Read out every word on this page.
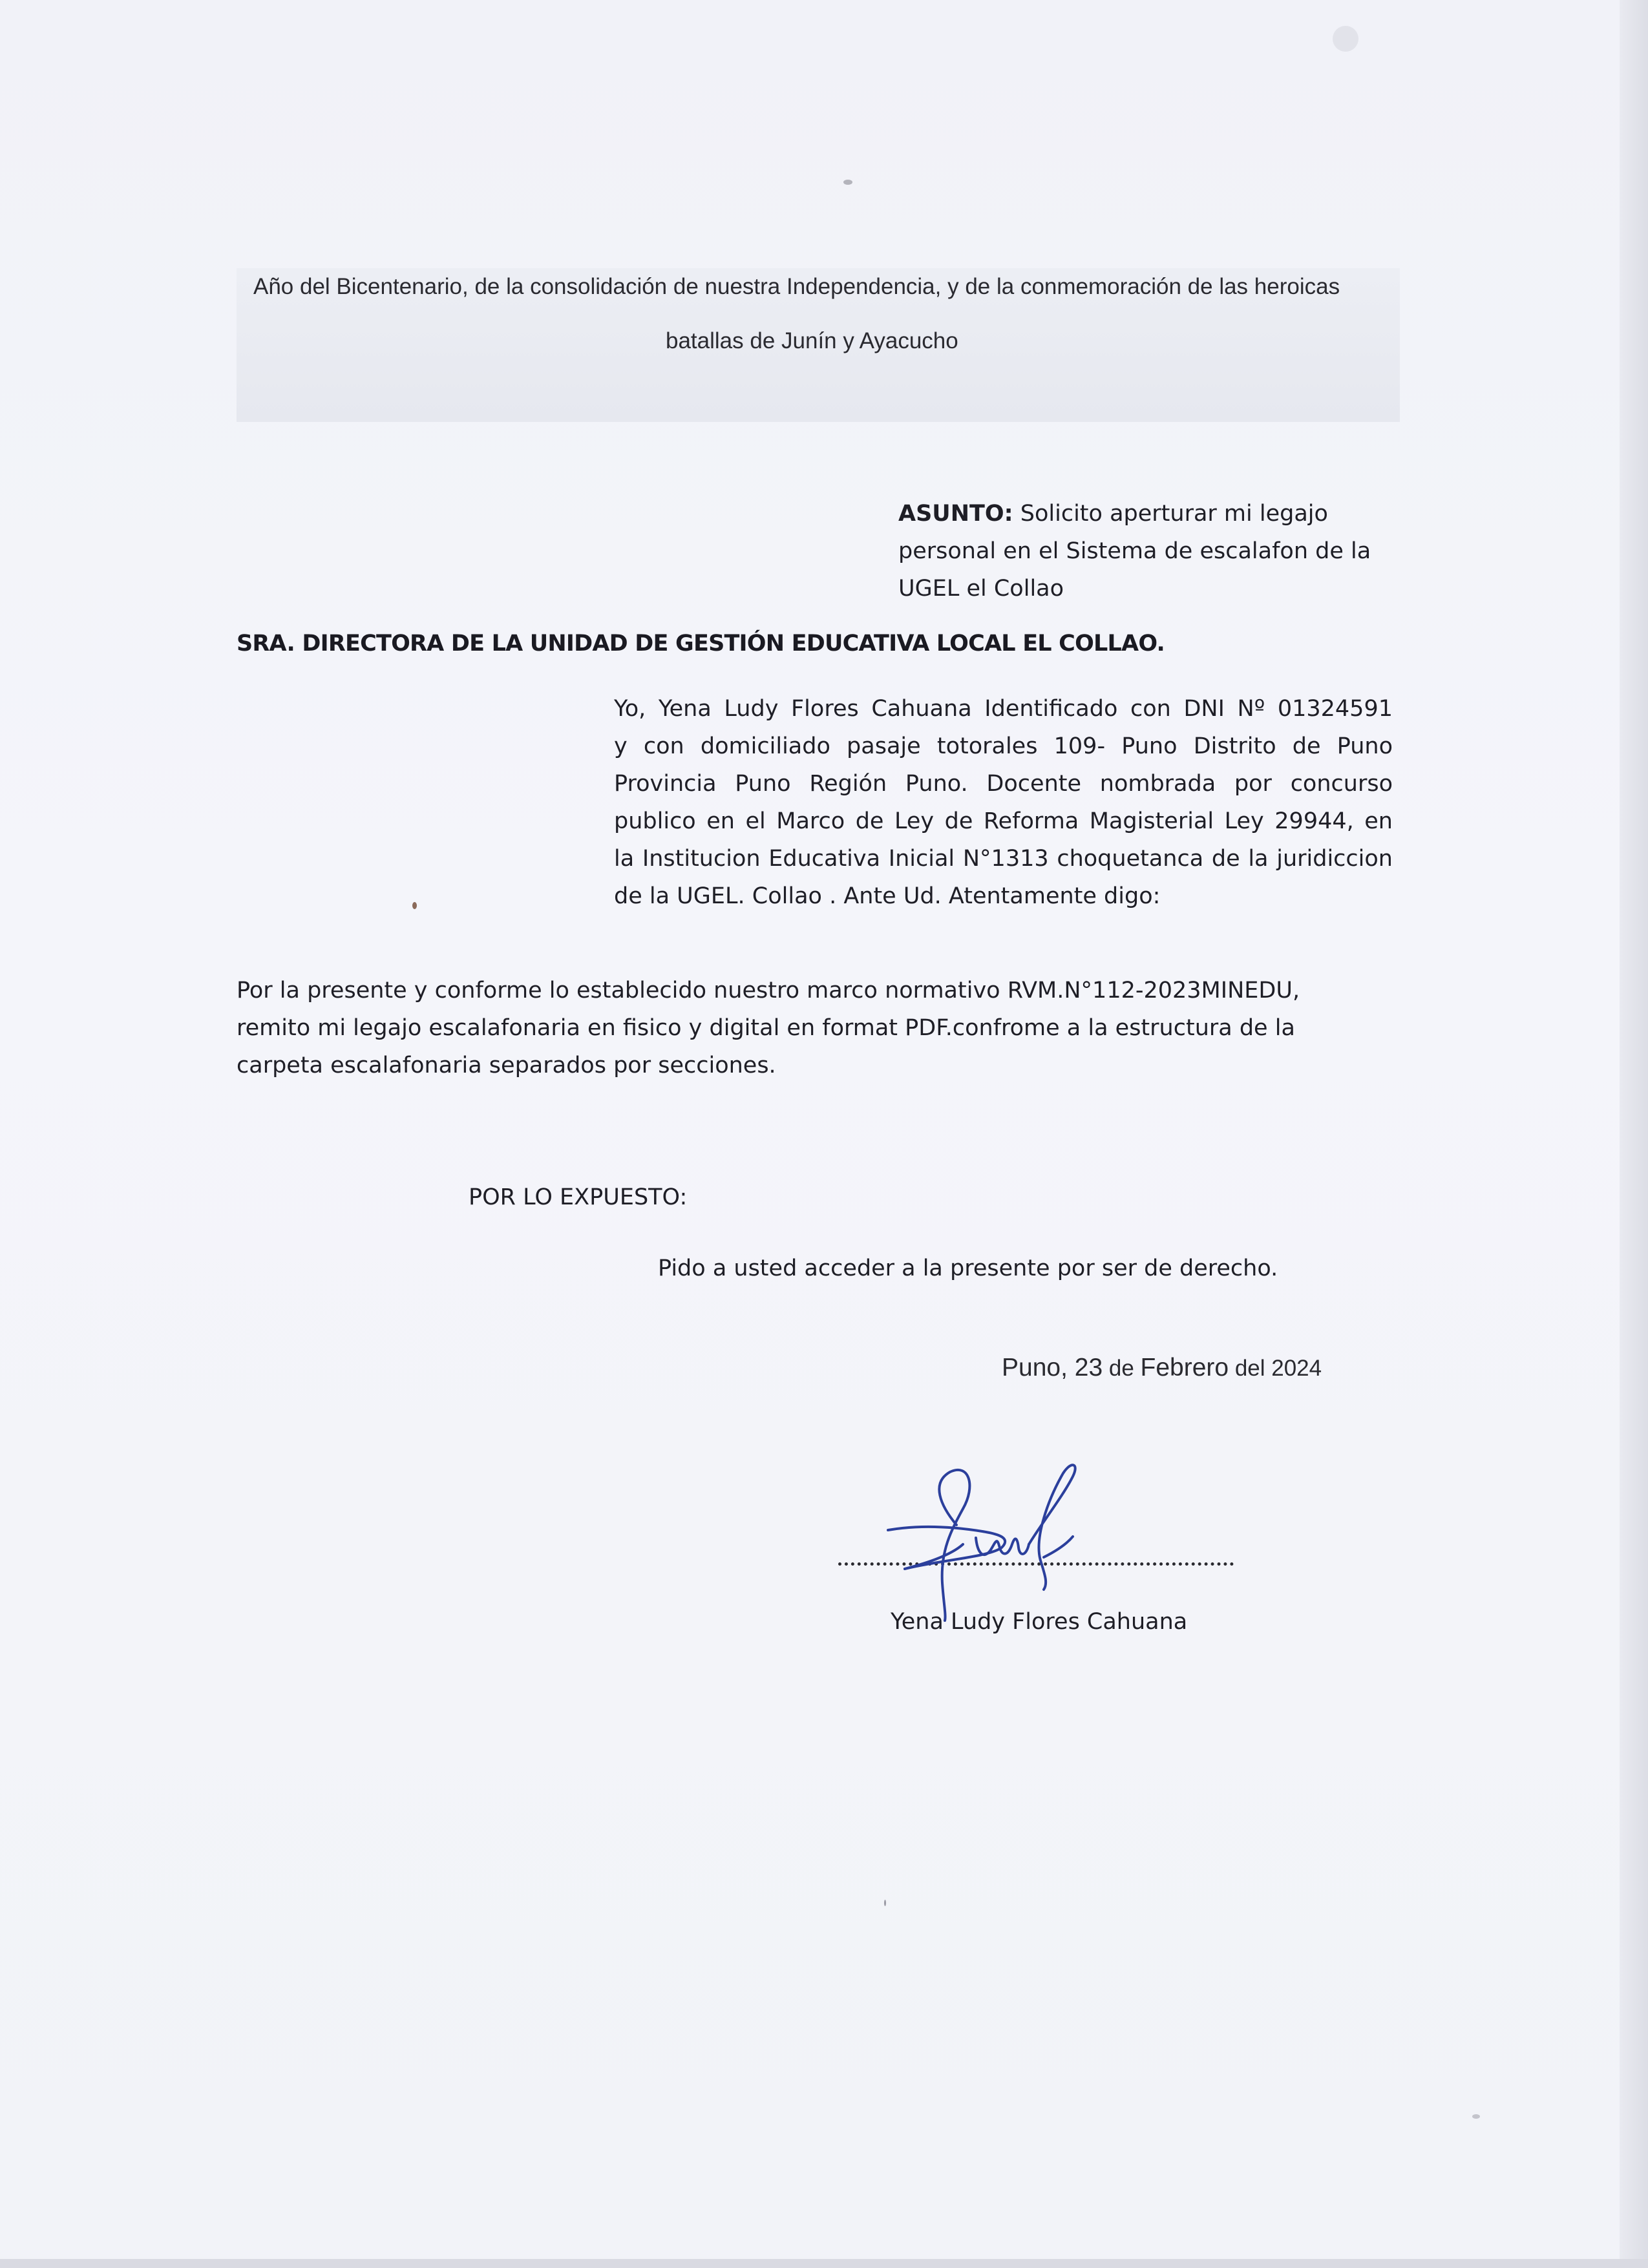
Año del Bicentenario, de la consolidación de nuestra Independencia, y de la conmemoración de las heroicas
batallas de Junín y Ayacucho
ASUNTO: Solicito aperturar mi legajo
personal en el Sistema de escalafon de la
UGEL el Collao
SRA. DIRECTORA DE LA UNIDAD DE GESTIÓN EDUCATIVA LOCAL EL COLLAO.
Yo, Yena Ludy Flores Cahuana Identificado con DNI Nº 01324591
y con domiciliado pasaje totorales 109- Puno Distrito de Puno
Provincia Puno Región Puno. Docente nombrada por concurso
publico en el Marco de Ley de Reforma Magisterial Ley 29944, en
la Institucion Educativa Inicial N°1313 choquetanca de la juridiccion
de la UGEL. Collao . Ante Ud. Atentamente digo:
Por la presente y conforme lo establecido nuestro marco normativo RVM.N°112-2023MINEDU,
remito mi legajo escalafonaria en fisico y digital en format PDF.confrome a la estructura de la
carpeta escalafonaria separados por secciones.
POR LO EXPUESTO:
Pido a usted acceder a la presente por ser de derecho.
Puno, 23 de Febrero del 2024
Yena Ludy Flores Cahuana
